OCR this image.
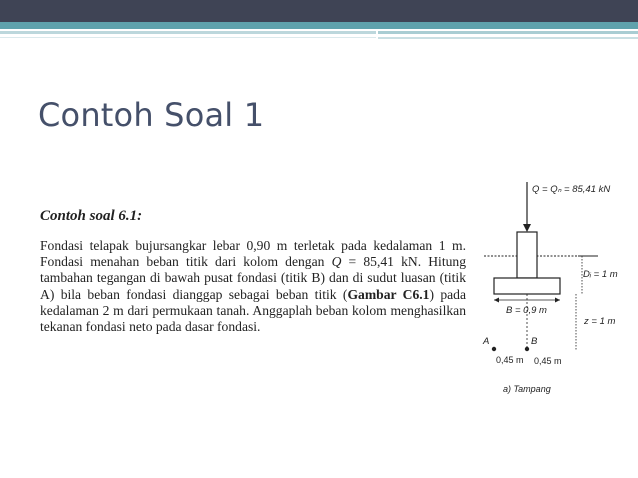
Contoh Soal 1
Contoh soal 6.1:
Fondasi telapak bujursangkar lebar 0,90 m terletak pada kedalaman 1 m. Fondasi menahan beban titik dari kolom dengan Q = 85,41 kN. Hitung tambahan tegangan di bawah pusat fondasi (titik B) dan di sudut luasan (titik A) bila beban fondasi dianggap sebagai beban titik (Gambar C6.1) pada kedalaman 2 m dari permukaan tanah. Anggaplah beban kolom menghasilkan tekanan fondasi neto pada dasar fondasi.
Q = Qₙ = 85,41 kN
Dᵢ = 1 m
B = 0,9 m
z = 1 m
A	B
0,45 m 0,45 m
a) Tampang
